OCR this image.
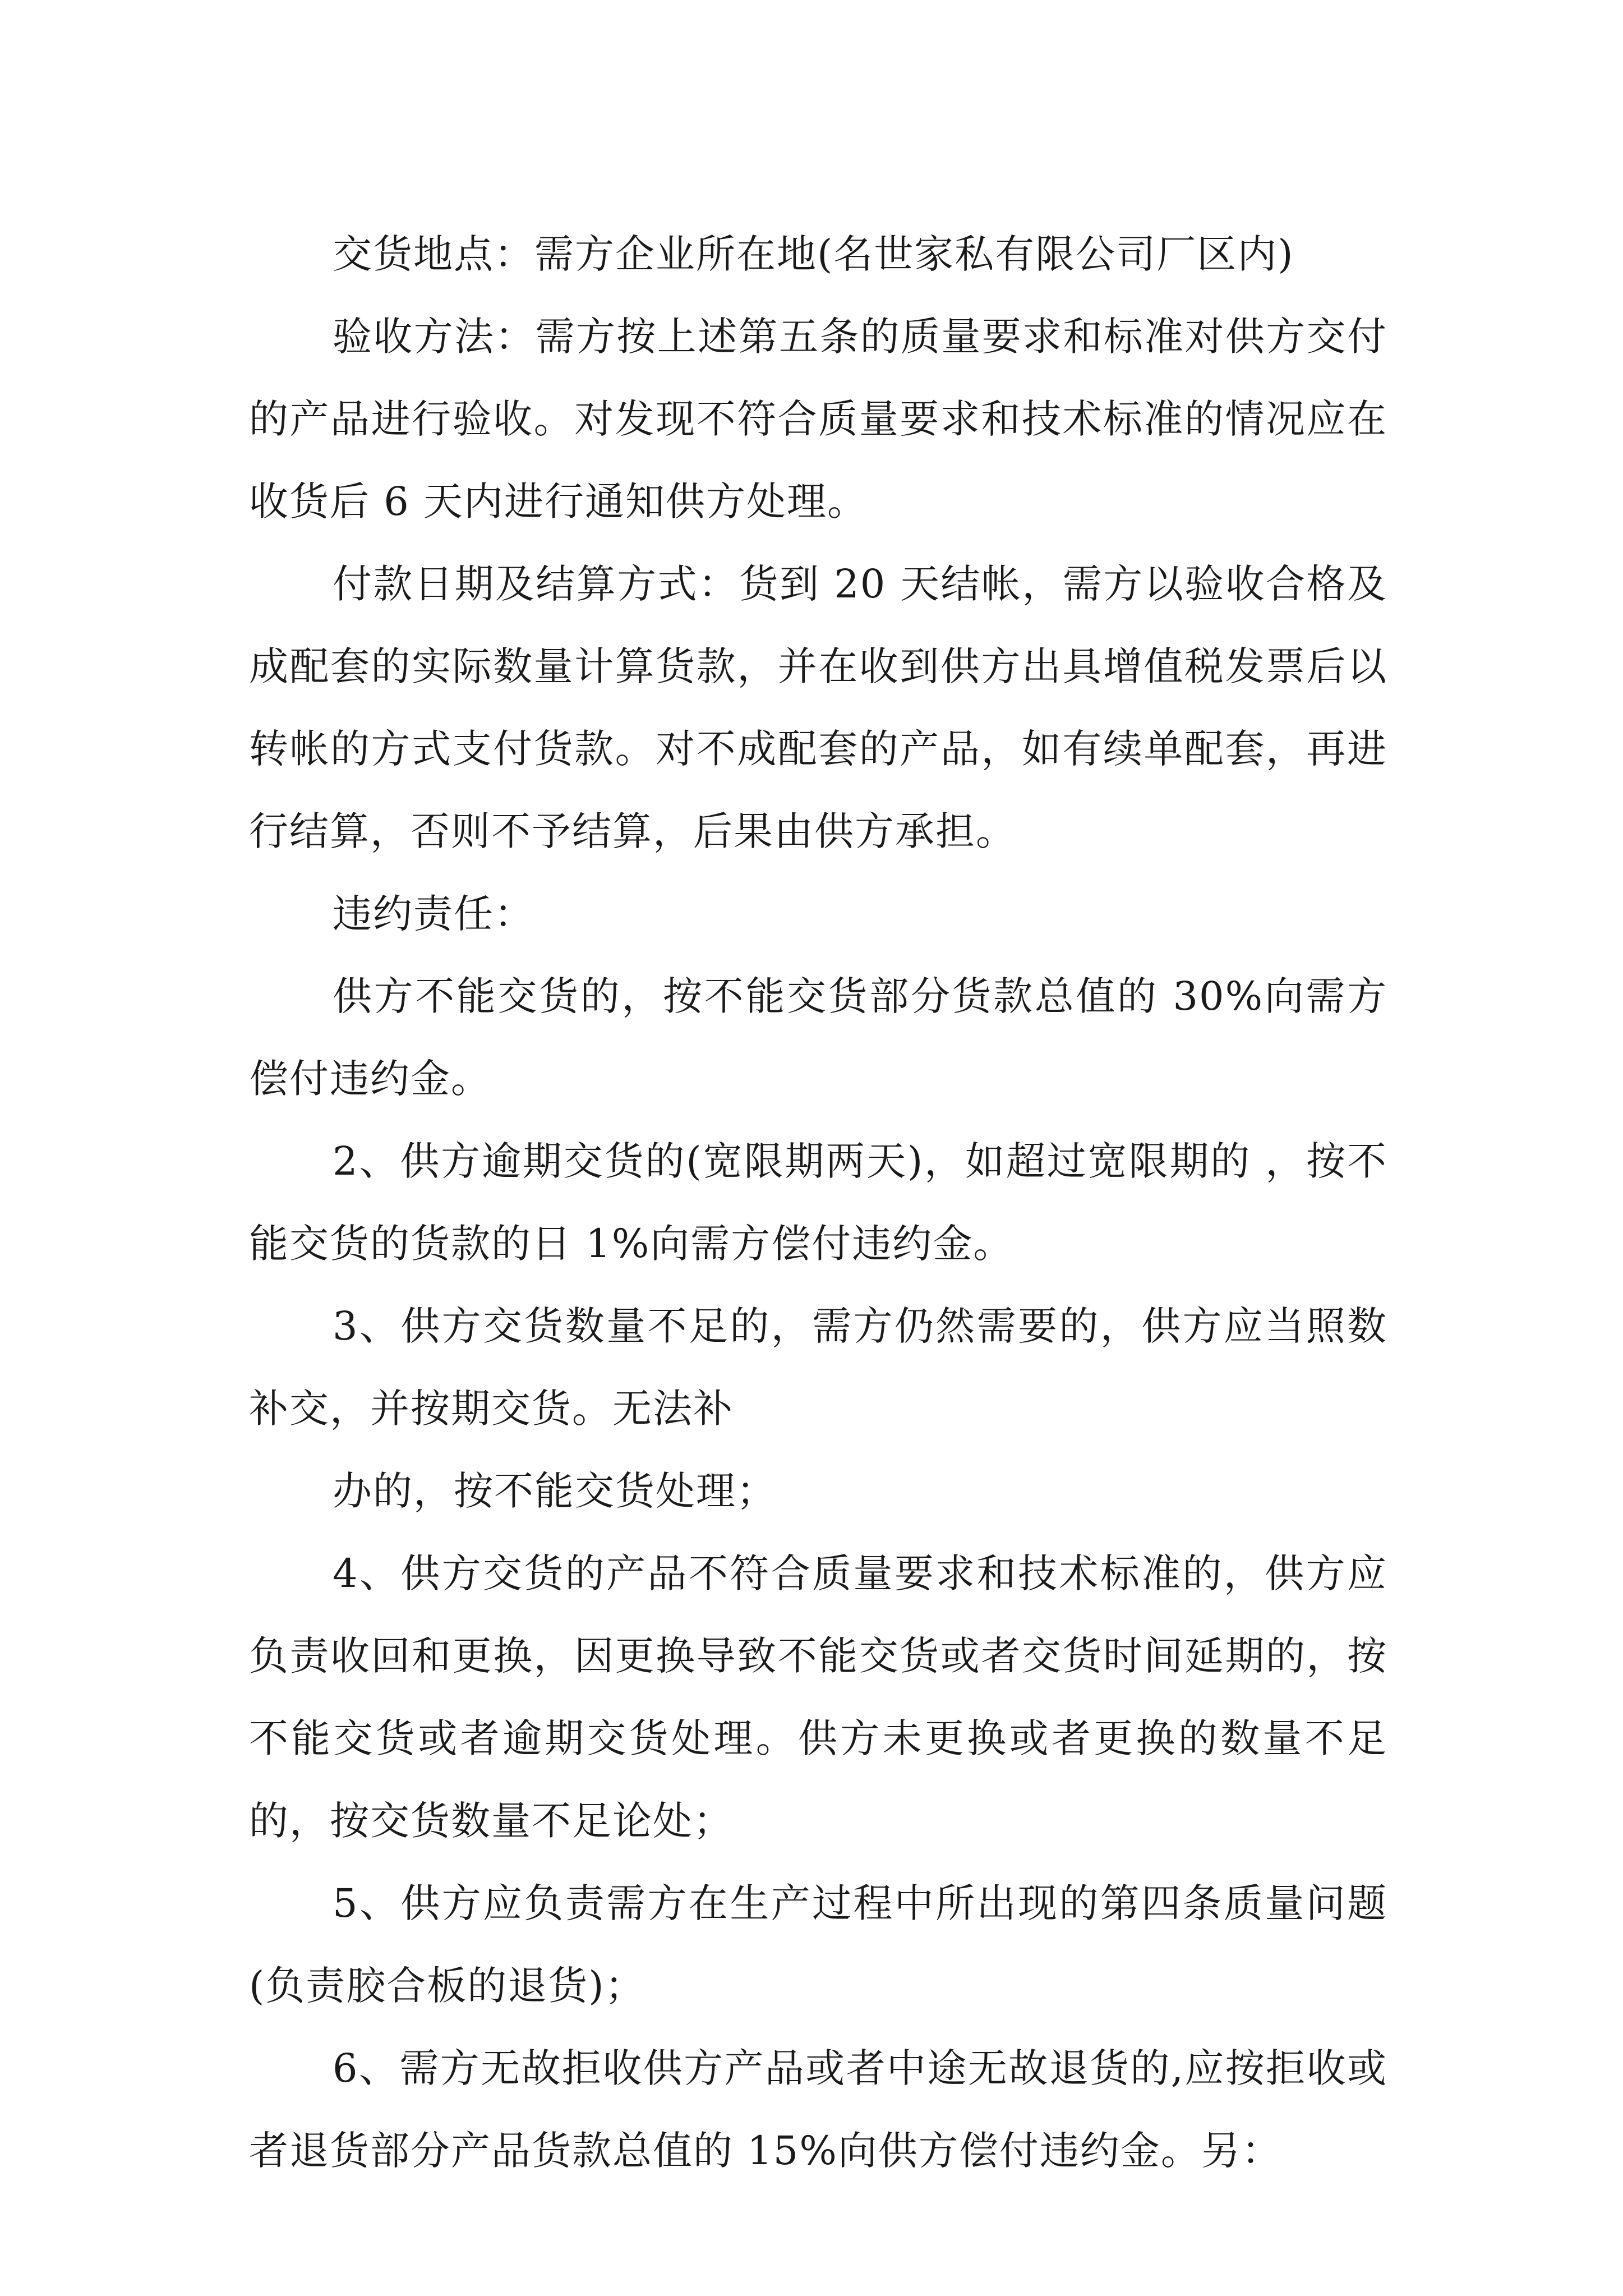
交货地点：需方企业所在地(名世家私有限公司厂区内)

验收方法：需方按上述第五条的质量要求和标准对供方交付的产品进行验收。对发现不符合质量要求和技术标准的情况应在收货后 6 天内进行通知供方处理。

付款日期及结算方式：货到 20 天结帐，需方以验收合格及成配套的实际数量计算货款，并在收到供方出具增值税发票后以转帐的方式支付货款。对不成配套的产品，如有续单配套，再进行结算，否则不予结算，后果由供方承担。

违约责任：

供方不能交货的，按不能交货部分货款总值的 30%向需方偿付违约金。

2、供方逾期交货的(宽限期两天)，如超过宽限期的 ，按不能交货的货款的日 1%向需方偿付违约金。

3、供方交货数量不足的，需方仍然需要的，供方应当照数补交，并按期交货。无法补

办的，按不能交货处理；

4、供方交货的产品不符合质量要求和技术标准的，供方应负责收回和更换，因更换导致不能交货或者交货时间延期的，按不能交货或者逾期交货处理。供方未更换或者更换的数量不足的，按交货数量不足论处；

5、供方应负责需方在生产过程中所出现的第四条质量问题(负责胶合板的退货)；

6、需方无故拒收供方产品或者中途无故退货的,应按拒收或者退货部分产品货款总值的 15%向供方偿付违约金。另：
